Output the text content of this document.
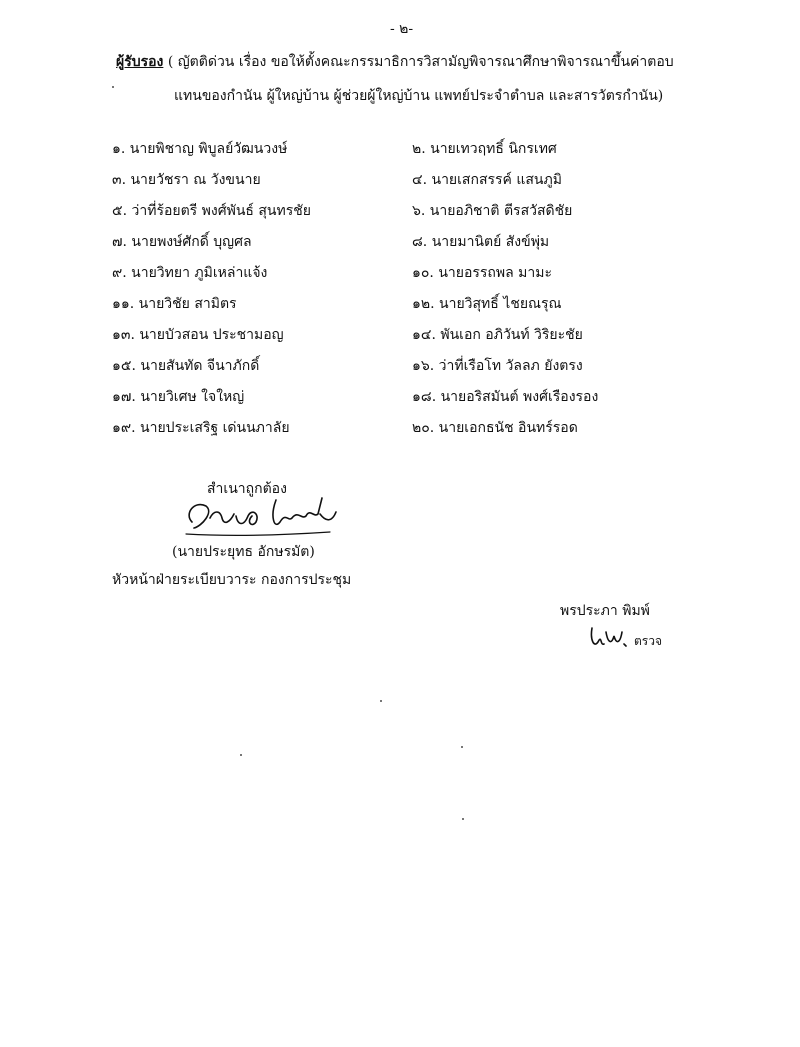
- ๒-
ผู้รับรอง ( ญัตติด่วน เรื่อง ขอให้ตั้งคณะกรรมาธิการวิสามัญพิจารณาศึกษาพิจารณาขึ้นค่าตอบ
แทนของกำนัน ผู้ใหญ่บ้าน ผู้ช่วยผู้ใหญ่บ้าน แพทย์ประจำตำบล และสารวัตรกำนัน)
๑. นายพิชาญ พิบูลย์วัฒนวงษ์	๒. นายเทวฤทธิ์ นิกรเทศ
๓. นายวัชรา ณ วังขนาย	๔. นายเสกสรรค์ แสนภูมิ
๕. ว่าที่ร้อยตรี พงศ์พันธ์ สุนทรชัย	๖. นายอภิชาติ ตีรสวัสดิชัย
๗. นายพงษ์ศักดิ์ บุญศล	๘. นายมานิตย์ สังข์พุ่ม
๙. นายวิทยา ภูมิเหล่าแจ้ง	๑๐. นายอรรถพล มามะ
๑๑. นายวิชัย สามิตร	๑๒. นายวิสุทธิ์ ไชยณรุณ
๑๓. นายบัวสอน ประชามอญ	๑๔. พันเอก อภิวันท์ วิริยะชัย
๑๕. นายสันทัด จีนาภักดิ์	๑๖. ว่าที่เรือโท วัลลภ ยังตรง
๑๗. นายวิเศษ ใจใหญ่	๑๘. นายอริสมันต์ พงศ์เรืองรอง
๑๙. นายประเสริฐ เด่นนภาลัย	๒๐. นายเอกธนัช อินทร์รอด
สำเนาถูกต้อง
(นายประยุทธ อักษรมัต)
หัวหน้าฝ่ายระเบียบวาระ กองการประชุม
พรประภา พิมพ์
ตรวจ
